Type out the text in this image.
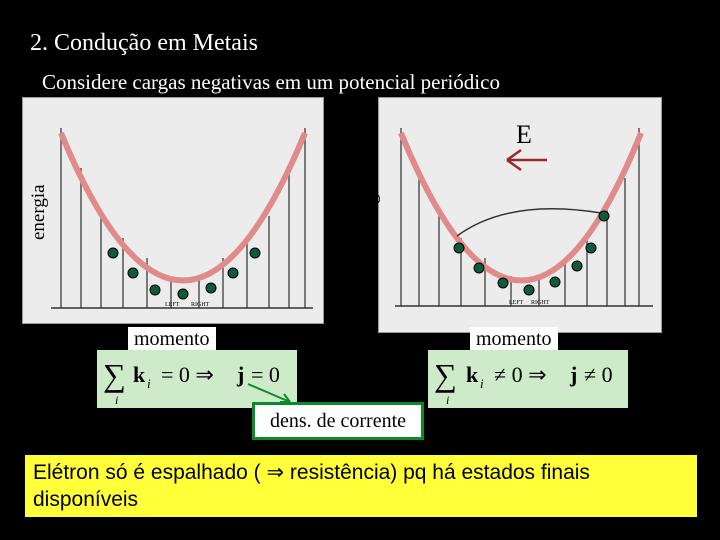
2. Condução em Metais
Considere cargas negativas em um potencial periódico
LEFT RIGHT
energia
momento
∑
i
k i = 0 ⇒ j = 0
LEFT RIGHT
E
energia
momento
∑
i
k i ≠ 0 ⇒ j ≠ 0
dens. de corrente
Elétron só é espalhado ( ⇒ resistência) pq há estados finais disponíveis
